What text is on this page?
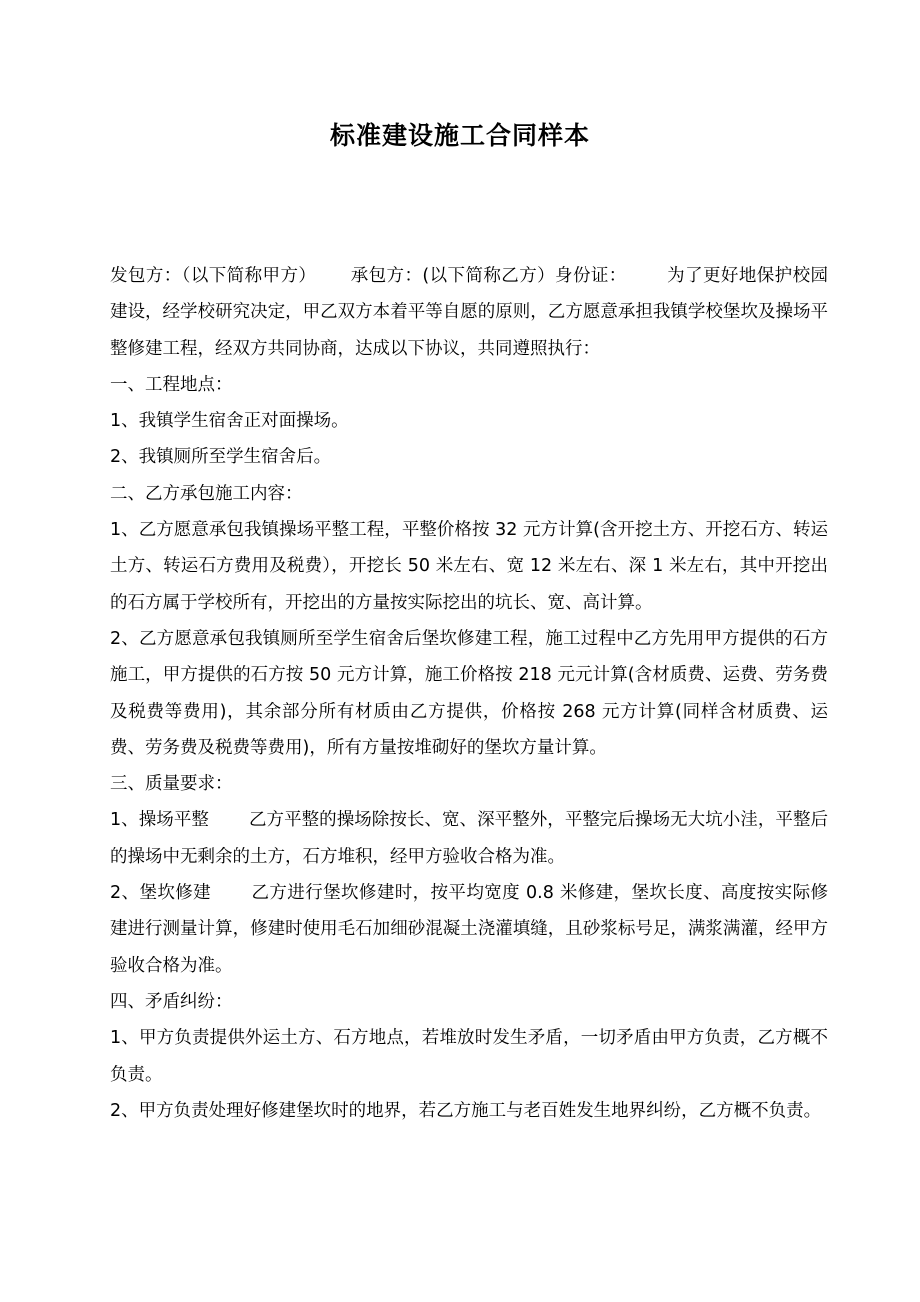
标准建设施工合同样本

发包方：（以下简称甲方） 承包方：(以下简称乙方）身份证： 为了更好地保护校园建设，经学校研究决定，甲乙双方本着平等自愿的原则，乙方愿意承担我镇学校堡坎及操场平整修建工程，经双方共同协商，达成以下协议，共同遵照执行：

一、工程地点：

1、我镇学生宿舍正对面操场。

2、我镇厕所至学生宿舍后。

二、乙方承包施工内容：

1、乙方愿意承包我镇操场平整工程，平整价格按 32 元方计算(含开挖土方、开挖石方、转运土方、转运石方费用及税费），开挖长 50 米左右、宽 12 米左右、深 1 米左右，其中开挖出的石方属于学校所有，开挖出的方量按实际挖出的坑长、宽、高计算。

2、乙方愿意承包我镇厕所至学生宿舍后堡坎修建工程，施工过程中乙方先用甲方提供的石方施工，甲方提供的石方按 50 元方计算，施工价格按 218 元元计算(含材质费、运费、劳务费及税费等费用)，其余部分所有材质由乙方提供，价格按 268 元方计算(同样含材质费、运费、劳务费及税费等费用)，所有方量按堆砌好的堡坎方量计算。

三、质量要求：

1、操场平整 乙方平整的操场除按长、宽、深平整外，平整完后操场无大坑小洼，平整后的操场中无剩余的土方，石方堆积，经甲方验收合格为准。

2、堡坎修建 乙方进行堡坎修建时，按平均宽度 0.8 米修建，堡坎长度、高度按实际修建进行测量计算，修建时使用毛石加细砂混凝土浇灌填缝，且砂浆标号足，满浆满灌，经甲方验收合格为准。

四、矛盾纠纷：

1、甲方负责提供外运土方、石方地点，若堆放时发生矛盾，一切矛盾由甲方负责，乙方概不负责。

2、甲方负责处理好修建堡坎时的地界，若乙方施工与老百姓发生地界纠纷，乙方概不负责。
